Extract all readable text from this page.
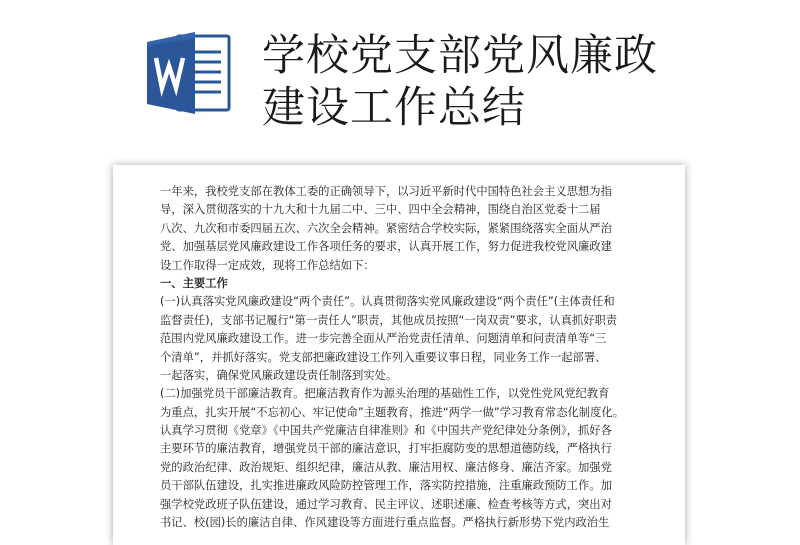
学校党支部党风廉政
建设工作总结
一年来，我校党支部在教体工委的正确领导下，以习近平新时代中国特色社会主义思想为指
导，深入贯彻落实的十九大和十九届二中、三中、四中全会精神，围绕自治区党委十二届
八次、九次和市委四届五次、六次全会精神。紧密结合学校实际，紧紧围绕落实全面从严治
党、加强基层党风廉政建设工作各项任务的要求，认真开展工作，努力促进我校党风廉政建
设工作取得一定成效，现将工作总结如下：
一、主要工作
(一)认真落实党风廉政建设“两个责任”。认真贯彻落实党风廉政建设“两个责任”(主体责任和
监督责任)，支部书记履行“第一责任人”职责，其他成员按照“一岗双责”要求，认真抓好职责
范围内党风廉政建设工作。进一步完善全面从严治党责任清单、问题清单和问责清单等“三
个清单”，并抓好落实。党支部把廉政建设工作列入重要议事日程，同业务工作一起部署、
一起落实，确保党风廉政建设责任制落到实处。
(二)加强党员干部廉洁教育。把廉洁教育作为源头治理的基础性工作，以党性党风党纪教育
为重点，扎实开展“不忘初心、牢记使命”主题教育，推进“两学一做”学习教育常态化制度化。
认真学习贯彻《党章》《中国共产党廉洁自律准则》和《中国共产党纪律处分条例》，抓好各
主要环节的廉洁教育，增强党员干部的廉洁意识，打牢拒腐防变的思想道德防线，严格执行
党的政治纪律、政治规矩、组织纪律，廉洁从教、廉洁用权、廉洁修身、廉洁齐家。加强党
员干部队伍建设，扎实推进廉政风险防控管理工作，落实防控措施，注重廉政预防工作。加
强学校党政班子队伍建设，通过学习教育、民主评议、述职述廉、检查考核等方式，突出对
书记、校(园)长的廉洁自律、作风建设等方面进行重点监督。严格执行新形势下党内政治生
